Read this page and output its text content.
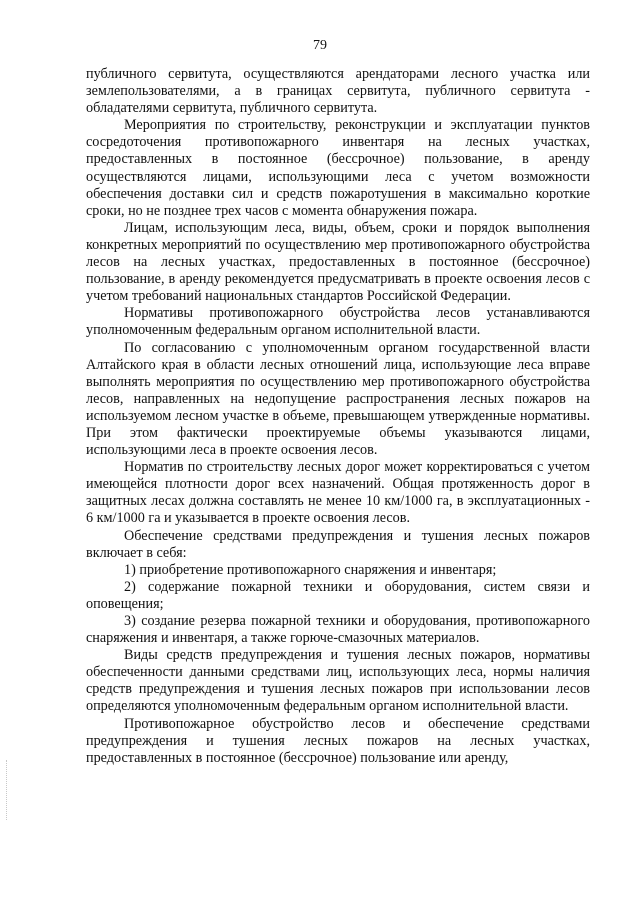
79

публичного сервитута, осуществляются арендаторами лесного участка или землепользователями, а в границах сервитута, публичного сервитута - обладателями сервитута, публичного сервитута.

Мероприятия по строительству, реконструкции и эксплуатации пунктов сосредоточения противопожарного инвентаря на лесных участках, предоставленных в постоянное (бессрочное) пользование, в аренду осуществляются лицами, использующими леса с учетом возможности обеспечения доставки сил и средств пожаротушения в максимально короткие сроки, но не позднее трех часов с момента обнаружения пожара.

Лицам, использующим леса, виды, объем, сроки и порядок выполнения конкретных мероприятий по осуществлению мер противопожарного обустройства лесов на лесных участках, предоставленных в постоянное (бессрочное) пользование, в аренду рекомендуется предусматривать в проекте освоения лесов с учетом требований национальных стандартов Российской Федерации.

Нормативы противопожарного обустройства лесов устанавливаются уполномоченным федеральным органом исполнительной власти.

По согласованию с уполномоченным органом государственной власти Алтайского края в области лесных отношений лица, использующие леса вправе выполнять мероприятия по осуществлению мер противопожарного обустройства лесов, направленных на недопущение распространения лесных пожаров на используемом лесном участке в объеме, превышающем утвержденные нормативы. При этом фактически проектируемые объемы указываются лицами, использующими леса в проекте освоения лесов.

Норматив по строительству лесных дорог может корректироваться с учетом имеющейся плотности дорог всех назначений. Общая протяженность дорог в защитных лесах должна составлять не менее 10 км/1000 га, в эксплуатационных - 6 км/1000 га и указывается в проекте освоения лесов.

Обеспечение средствами предупреждения и тушения лесных пожаров включает в себя:

1) приобретение противопожарного снаряжения и инвентаря;

2) содержание пожарной техники и оборудования, систем связи и оповещения;

3) создание резерва пожарной техники и оборудования, противопожарного снаряжения и инвентаря, а также горюче-смазочных материалов.

Виды средств предупреждения и тушения лесных пожаров, нормативы обеспеченности данными средствами лиц, использующих леса, нормы наличия средств предупреждения и тушения лесных пожаров при использовании лесов определяются уполномоченным федеральным органом исполнительной власти.

Противопожарное обустройство лесов и обеспечение средствами предупреждения и тушения лесных пожаров на лесных участках, предоставленных в постоянное (бессрочное) пользование или аренду,
